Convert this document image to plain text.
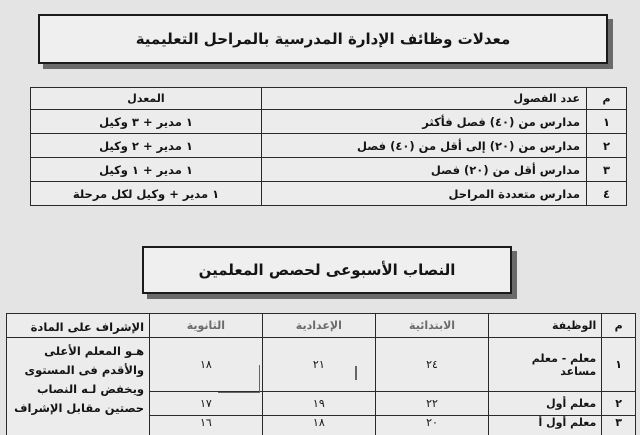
معدلات وظائف الإدارة المدرسية بالمراحل التعليمية
م	عدد الفصول	المعدل
١	مدارس من (٤٠) فصل فأكثر	١ مدير + ٣ وكيل
٢	مدارس من (٢٠) إلى أقل من (٤٠) فصل	١ مدير + ٢ وكيل
٣	مدارس أقل من (٢٠) فصل	١ مدير + ١ وكيل
٤	مدارس متعددة المراحل	١ مدير + وكيل لكل مرحلة
النصاب الأسبوعى لحصص المعلمين
م	الوظيفة	الابتدائية	الإعدادية	الثانوية	الإشراف على المادة
١	معلم - معلم مساعد	٢٤	٢١	١٨	هـو المعلم الأعلى والأقدم فى المستوى ويخفض لـه النصاب حصتين مقابل الإشراف
٢	معلم أول	٢٢	١٩	١٧	
٣	معلم أول أ	٢٠	١٨	١٦	
